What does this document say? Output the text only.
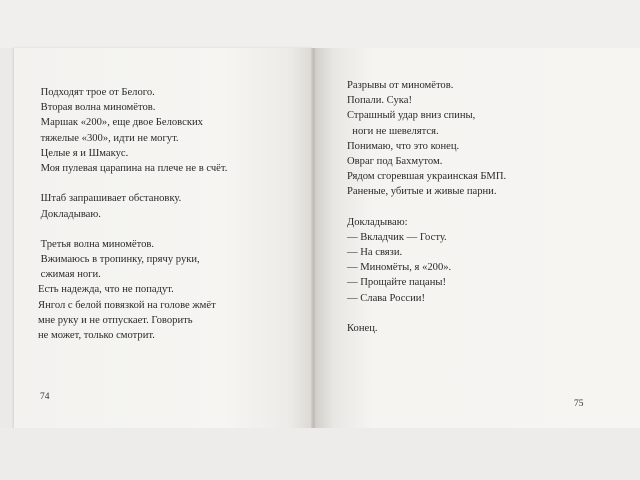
Подходят трое от Белого.
Вторая волна миномётов.
Маршак «200», еще двое Беловских
тяжелые «300», идти не могут.
Целые я и Шмакус.
Моя пулевая царапина на плече не в счёт.
Штаб запрашивает обстановку.
Докладываю.
Третья волна миномётов.
Вжимаюсь в тропинку, прячу руки,
сжимая ноги.
Есть надежда, что не попадут.
Янгол с белой повязкой на голове жмёт
мне руку и не отпускает. Говорить
не может, только смотрит.
74
Разрывы от миномётов.
Попали. Сука!
Страшный удар вниз спины,
ноги не шевелятся.
Понимаю, что это конец.
Овраг под Бахмутом.
Рядом сгоревшая украинская БМП.
Раненые, убитые и живые парни.
Докладываю:
— Вкладчик — Госту.
— На связи.
— Миномёты, я «200».
— Прощайте пацаны!
— Слава России!
Конец.
75
